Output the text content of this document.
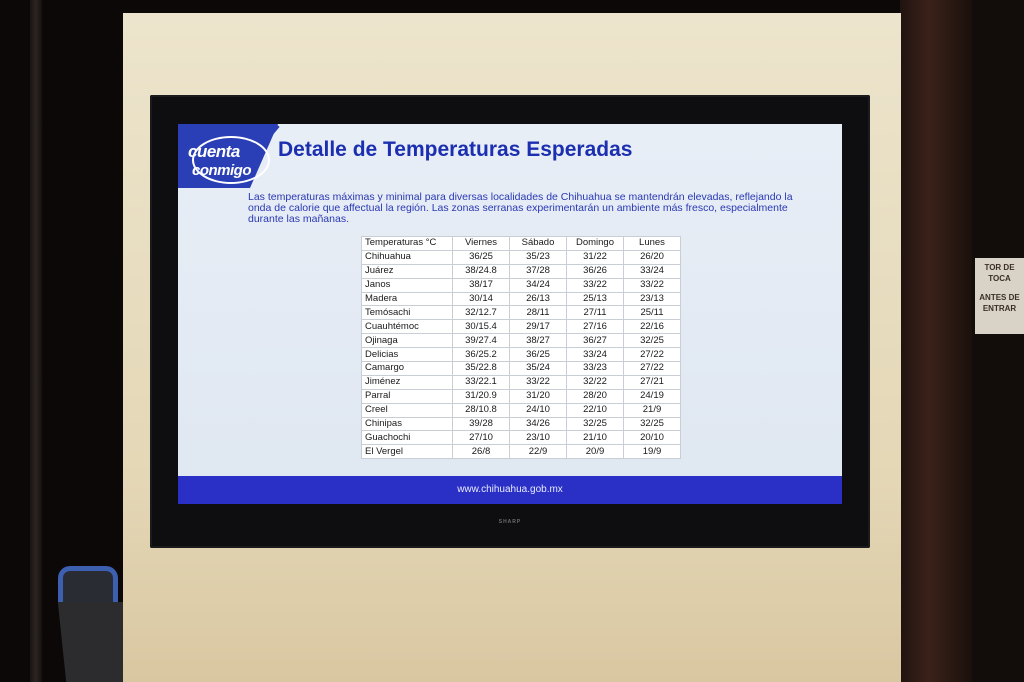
TOR DE TOCA
ANTES DE
ENTRAR
SHARP
cuenta
conmigo
Detalle de Temperaturas Esperadas
Las temperaturas máximas y minimal para diversas localidades de Chihuahua se mantendrán elevadas, reflejando la onda de calorie que affectual la región. Las zonas serranas experimentarán un ambiente más fresco, especialmente durante las mañanas.
Temperaturas °C	Viernes	Sábado	Domingo	Lunes
Chihuahua	36/25	35/23	31/22	26/20
Juárez	38/24.8	37/28	36/26	33/24
Janos	38/17	34/24	33/22	33/22
Madera	30/14	26/13	25/13	23/13
Temósachi	32/12.7	28/11	27/11	25/11
Cuauhtémoc	30/15.4	29/17	27/16	22/16
Ojinaga	39/27.4	38/27	36/27	32/25
Delicias	36/25.2	36/25	33/24	27/22
Camargo	35/22.8	35/24	33/23	27/22
Jiménez	33/22.1	33/22	32/22	27/21
Parral	31/20.9	31/20	28/20	24/19
Creel	28/10.8	24/10	22/10	21/9
Chinipas	39/28	34/26	32/25	32/25
Guachochi	27/10	23/10	21/10	20/10
El Vergel	26/8	22/9	20/9	19/9
www.chihuahua.gob.mx
